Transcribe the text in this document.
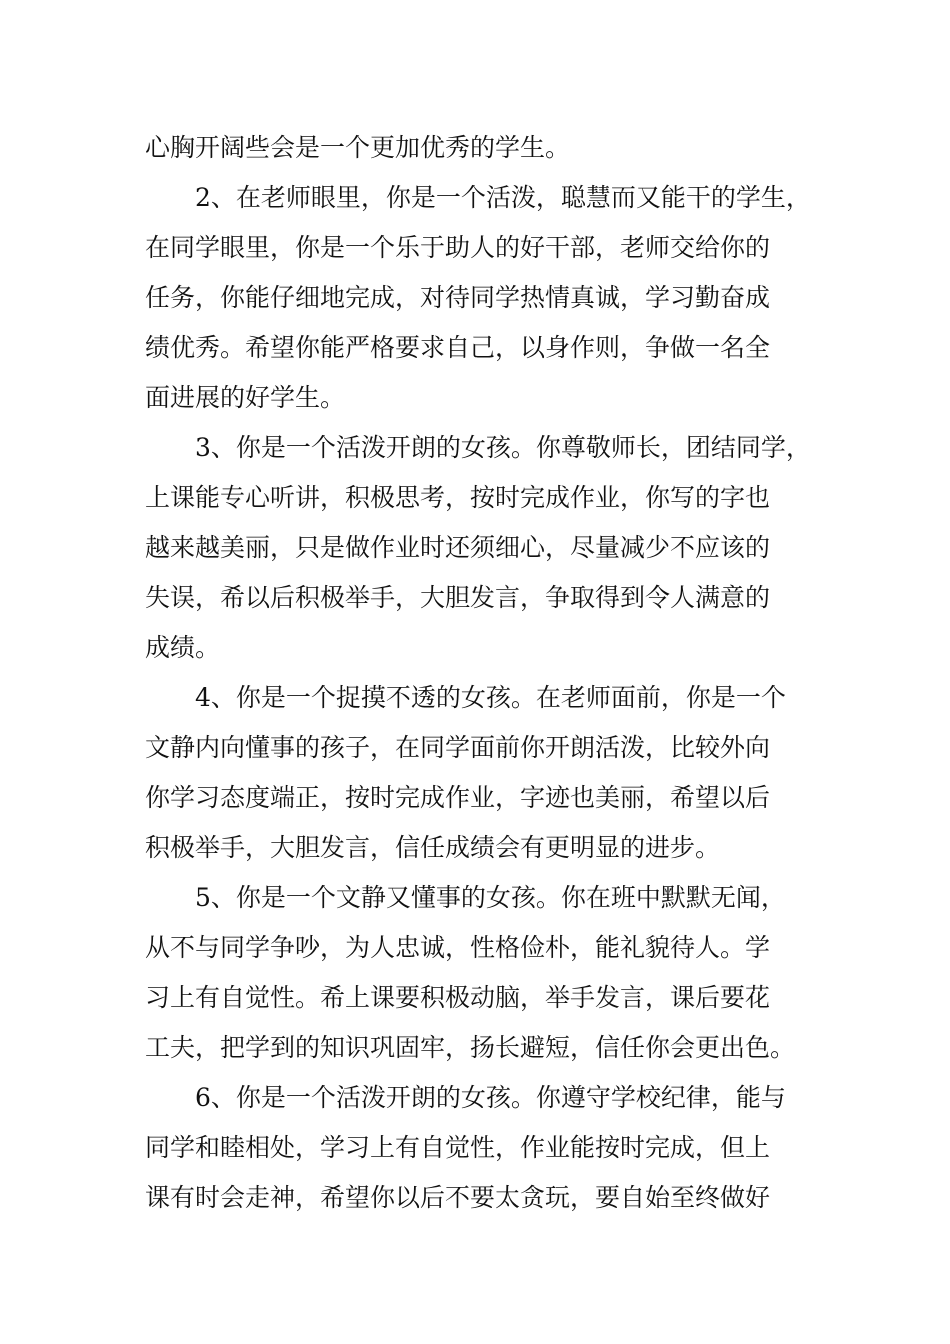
心胸开阔些会是一个更加优秀的学生。
2、在老师眼里，你是一个活泼，聪慧而又能干的学生，
在同学眼里，你是一个乐于助人的好干部，老师交给你的
任务，你能仔细地完成，对待同学热情真诚，学习勤奋成
绩优秀。希望你能严格要求自己，以身作则，争做一名全
面进展的好学生。
3、你是一个活泼开朗的女孩。你尊敬师长，团结同学，
上课能专心听讲，积极思考，按时完成作业，你写的字也
越来越美丽，只是做作业时还须细心，尽量减少不应该的
失误，希以后积极举手，大胆发言，争取得到令人满意的
成绩。
4、你是一个捉摸不透的女孩。在老师面前，你是一个
文静内向懂事的孩子，在同学面前你开朗活泼，比较外向
你学习态度端正，按时完成作业，字迹也美丽，希望以后
积极举手，大胆发言，信任成绩会有更明显的进步。
5、你是一个文静又懂事的女孩。你在班中默默无闻，
从不与同学争吵，为人忠诚，性格俭朴，能礼貌待人。学
习上有自觉性。希上课要积极动脑，举手发言，课后要花
工夫，把学到的知识巩固牢，扬长避短，信任你会更出色。
6、你是一个活泼开朗的女孩。你遵守学校纪律，能与
同学和睦相处，学习上有自觉性，作业能按时完成，但上
课有时会走神，希望你以后不要太贪玩，要自始至终做好
